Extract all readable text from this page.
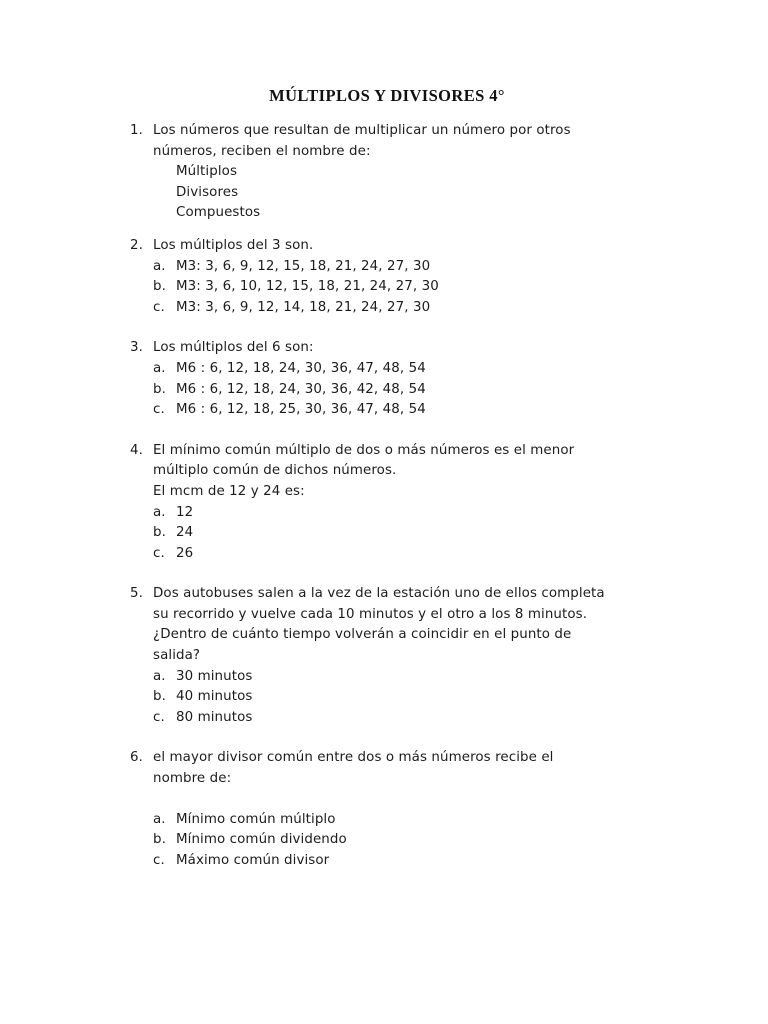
MÚLTIPLOS Y DIVISORES 4°
1. Los números que resultan de multiplicar un número por otros
números, reciben el nombre de:
Múltiplos
Divisores
Compuestos
2. Los múltiplos del 3 son.
a. M3: 3, 6, 9, 12, 15, 18, 21, 24, 27, 30
b. M3: 3, 6, 10, 12, 15, 18, 21, 24, 27, 30
c. M3: 3, 6, 9, 12, 14, 18, 21, 24, 27, 30
3. Los múltiplos del 6 son:
a. M6 : 6, 12, 18, 24, 30, 36, 47, 48, 54
b. M6 : 6, 12, 18, 24, 30, 36, 42, 48, 54
c. M6 : 6, 12, 18, 25, 30, 36, 47, 48, 54
4. El mínimo común múltiplo de dos o más números es el menor
múltiplo común de dichos números.
El mcm de 12 y 24 es:
a. 12
b. 24
c. 26
5. Dos autobuses salen a la vez de la estación uno de ellos completa
su recorrido y vuelve cada 10 minutos y el otro a los 8 minutos.
¿Dentro de cuánto tiempo volverán a coincidir en el punto de
salida?
a. 30 minutos
b. 40 minutos
c. 80 minutos
6. el mayor divisor común entre dos o más números recibe el
nombre de:
a. Mínimo común múltiplo
b. Mínimo común dividendo
c. Máximo común divisor
